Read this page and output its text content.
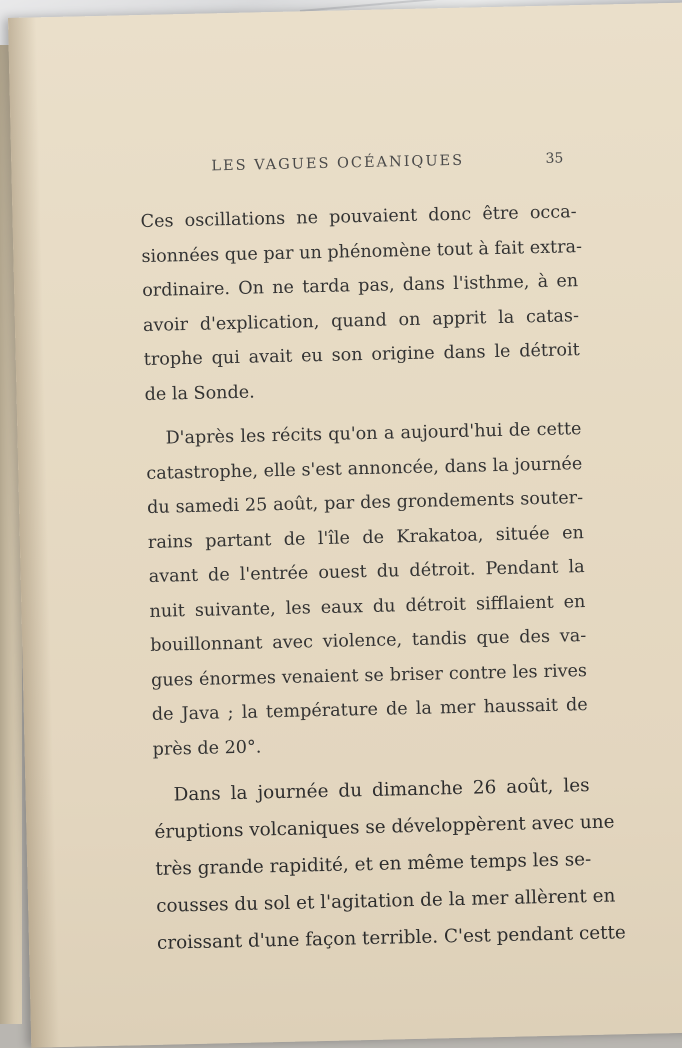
LES VAGUES OCÉANIQUES	35
Ces oscillations ne pouvaient donc être occa-
sionnées que par un phénomène tout à fait extra-
ordinaire. On ne tarda pas, dans l'isthme, à en
avoir d'explication, quand on apprit la catas-
trophe qui avait eu son origine dans le détroit
de la Sonde.
D'après les récits qu'on a aujourd'hui de cette
catastrophe, elle s'est annoncée, dans la journée
du samedi 25 août, par des grondements souter-
rains partant de l'île de Krakatoa, située en
avant de l'entrée ouest du détroit. Pendant la
nuit suivante, les eaux du détroit sifflaient en
bouillonnant avec violence, tandis que des va-
gues énormes venaient se briser contre les rives
de Java ; la température de la mer haussait de
près de 20°.
Dans la journée du dimanche 26 août, les
éruptions volcaniques se développèrent avec une
très grande rapidité, et en même temps les se-
cousses du sol et l'agitation de la mer allèrent en
croissant d'une façon terrible. C'est pendant cette
